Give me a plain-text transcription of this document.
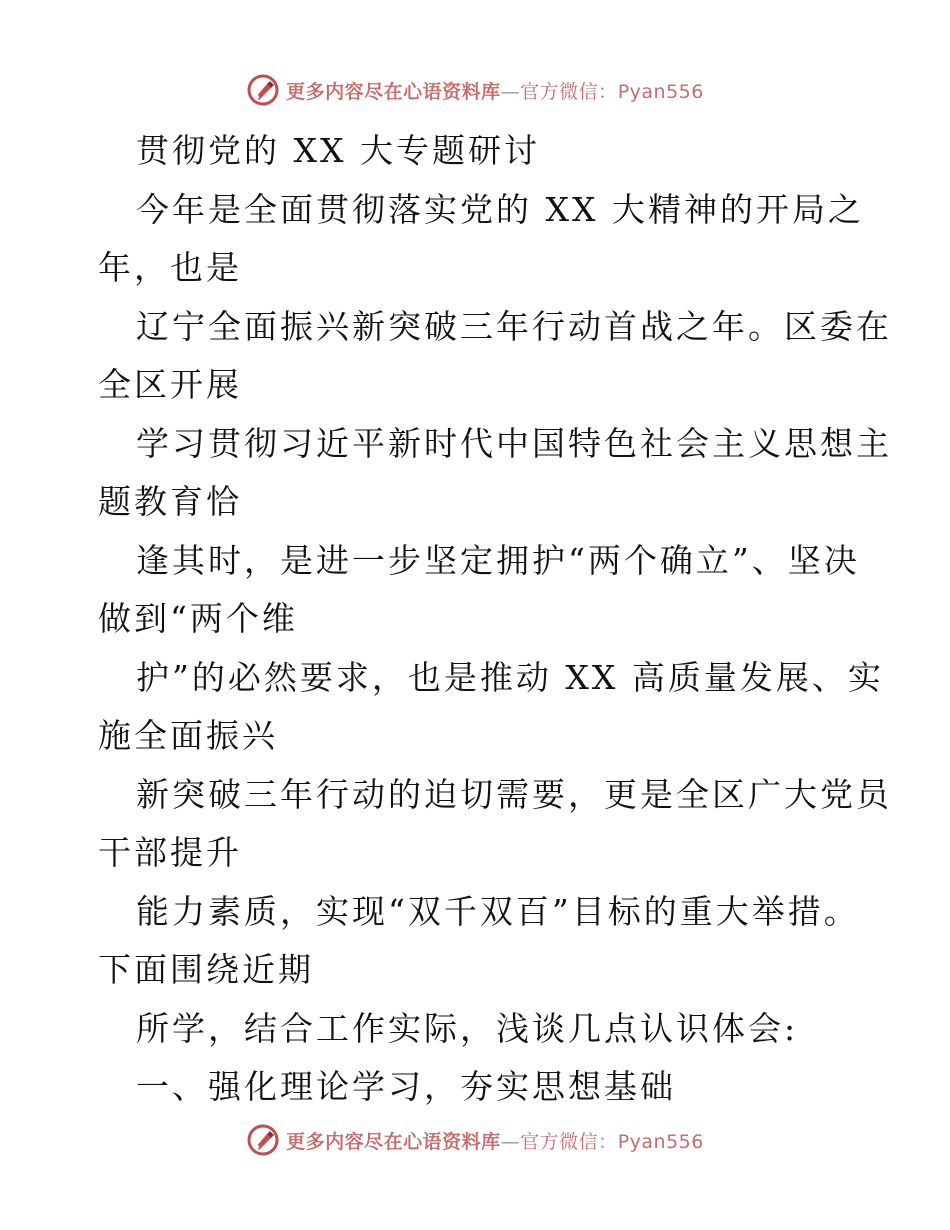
更多内容尽在心语资料库—官方微信：Pyan556
贯彻党的 XX 大专题研讨
今年是全面贯彻落实党的 XX 大精神的开局之
年，也是
辽宁全面振兴新突破三年行动首战之年。区委在
全区开展
学习贯彻习近平新时代中国特色社会主义思想主
题教育恰
逢其时，是进一步坚定拥护“两个确立”、坚决
做到“两个维
护”的必然要求，也是推动 XX 高质量发展、实
施全面振兴
新突破三年行动的迫切需要，更是全区广大党员
干部提升
能力素质，实现“双千双百”目标的重大举措。
下面围绕近期
所学，结合工作实际，浅谈几点认识体会:
一、强化理论学习，夯实思想基础
更多内容尽在心语资料库—官方微信：Pyan556
